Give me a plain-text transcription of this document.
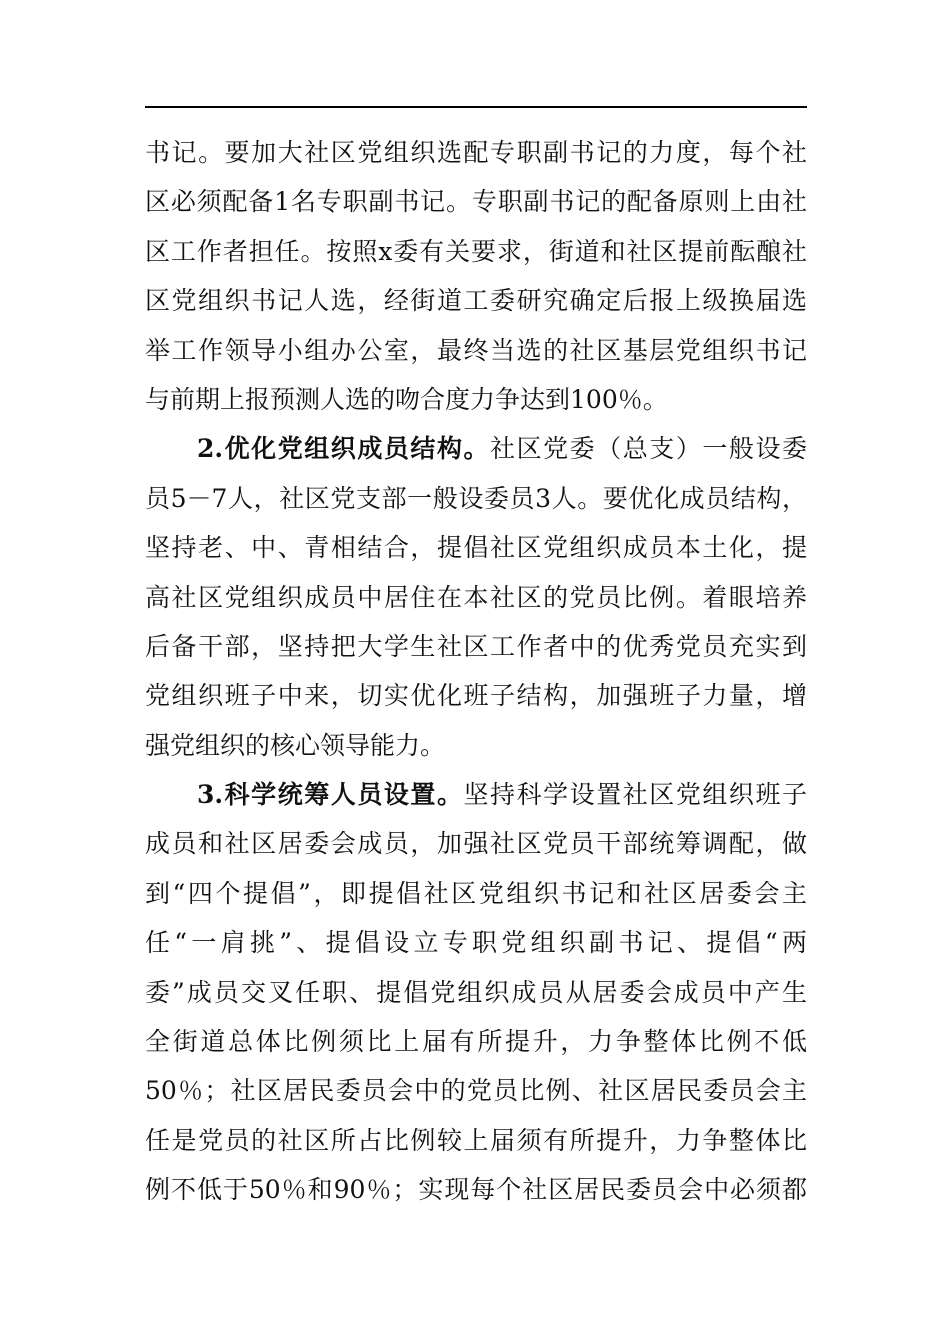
书记。要加大社区党组织选配专职副书记的力度，每个社
区必须配备1名专职副书记。专职副书记的配备原则上由社
区工作者担任。按照x委有关要求，街道和社区提前酝酿社
区党组织书记人选，经街道工委研究确定后报上级换届选
举工作领导小组办公室，最终当选的社区基层党组织书记
与前期上报预测人选的吻合度力争达到100％。
2.优化党组织成员结构。社区党委（总支）一般设委
员5－7人，社区党支部一般设委员3人。要优化成员结构，
坚持老、中、青相结合，提倡社区党组织成员本土化，提
高社区党组织成员中居住在本社区的党员比例。着眼培养
后备干部，坚持把大学生社区工作者中的优秀党员充实到
党组织班子中来，切实优化班子结构，加强班子力量，增
强党组织的核心领导能力。
3.科学统筹人员设置。坚持科学设置社区党组织班子
成员和社区居委会成员，加强社区党员干部统筹调配，做
到“四个提倡”，即提倡社区党组织书记和社区居委会主
任“一肩挑”、提倡设立专职党组织副书记、提倡“两
委”成员交叉任职、提倡党组织成员从居委会成员中产生
全街道总体比例须比上届有所提升，力争整体比例不低
50％；社区居民委员会中的党员比例、社区居民委员会主
任是党员的社区所占比例较上届须有所提升，力争整体比
例不低于50％和90％；实现每个社区居民委员会中必须都
